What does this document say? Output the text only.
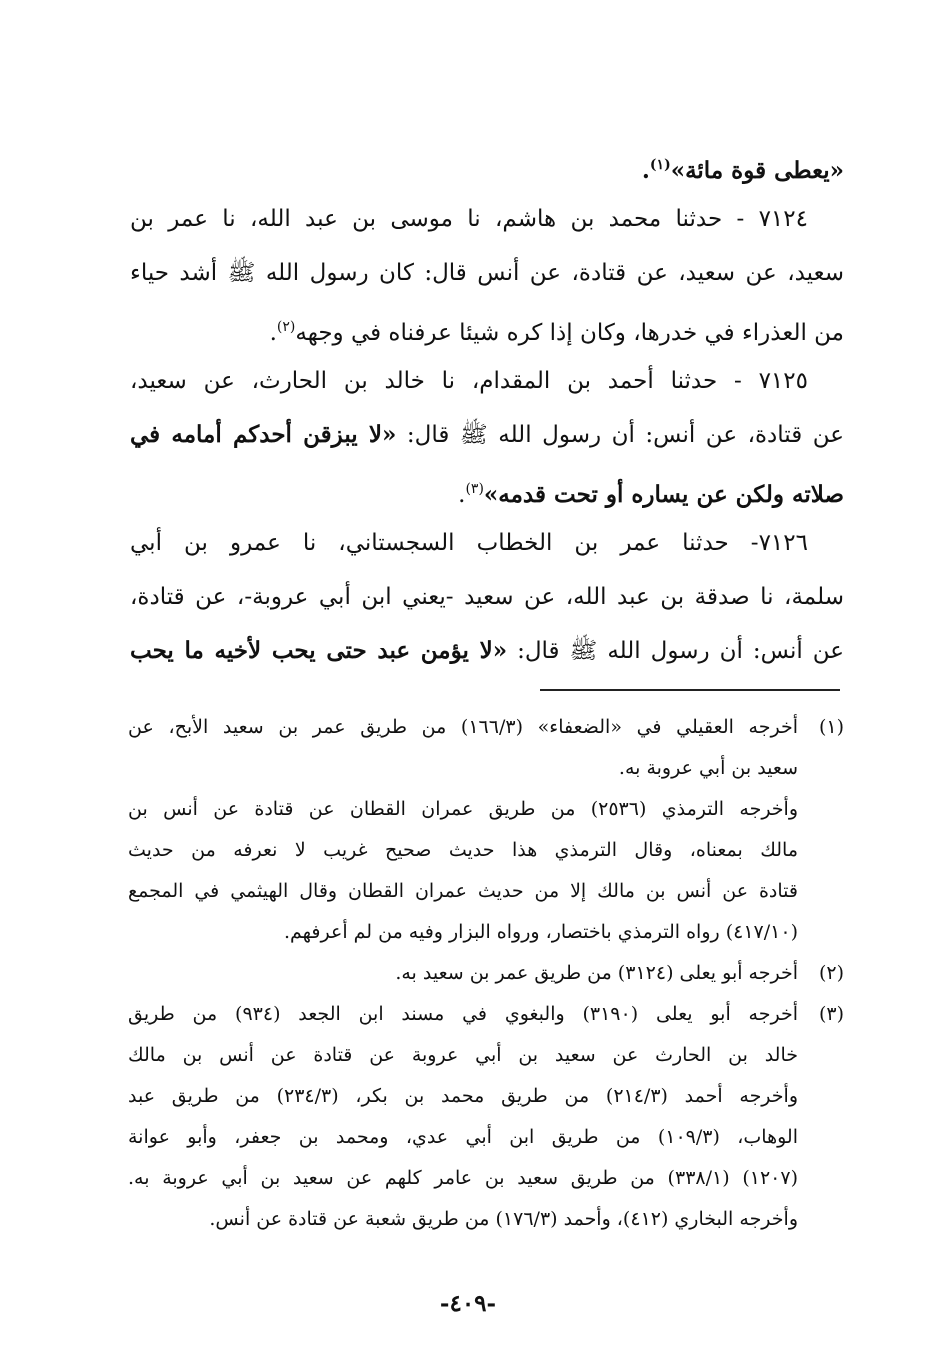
«يعطى قوة مائة»$^{(١)}$.
٧١٢٤ - حدثنا محمد بن هاشم، نا موسى بن عبد الله، نا عمر بن
سعيد، عن سعيد، عن قتادة، عن أنس قال: كان رسول الله ﷺ أشد حياء
من العذراء في خدرها، وكان إذا كره شيئا عرفناه في وجهه$^{(٢)}$.
٧١٢٥ - حدثنا أحمد بن المقدام، نا خالد بن الحارث، عن سعيد،
عن قتادة، عن أنس: أن رسول الله ﷺ قال: «لا يبزقن أحدكم أمامه في
صلاته ولكن عن يساره أو تحت قدمه»$^{(٣)}$.
٧١٢٦- حدثنا عمر بن الخطاب السجستاني، نا عمرو بن أبي
سلمة، نا صدقة بن عبد الله، عن سعيد -يعني ابن أبي عروبة-، عن قتادة،
عن أنس: أن رسول الله ﷺ قال: «لا يؤمن عبد حتى يحب لأخيه ما يحب
(١)
أخرجه العقيلي في «الضعفاء» (١٦٦/٣) من طريق عمر بن سعيد الأبح، عن
سعيد بن أبي عروبة به.
وأخرجه الترمذي (٢٥٣٦) من طريق عمران القطان عن قتادة عن أنس بن
مالك بمعناه، وقال الترمذي هذا حديث صحيح غريب لا نعرفه من حديث
قتادة عن أنس بن مالك إلا من حديث عمران القطان وقال الهيثمي في المجمع
(٤١٧/١٠) رواه الترمذي باختصار، ورواه البزار وفيه من لم أعرفهم.
(٢)
أخرجه أبو يعلى (٣١٢٤) من طريق عمر بن سعيد به.
(٣)
أخرجه أبو يعلى (٣١٩٠) والبغوي في مسند ابن الجعد (٩٣٤) من طريق
خالد بن الحارث عن سعيد بن أبي عروبة عن قتادة عن أنس بن مالك
وأخرجه أحمد (٢١٤/٣) من طريق محمد بن بكر، (٢٣٤/٣) من طريق عبد
الوهاب، (١٠٩/٣) من طريق ابن أبي عدي، ومحمد بن جعفر، وأبو عوانة
(١٢٠٧) (٣٣٨/١) من طريق سعيد بن عامر كلهم عن سعيد بن أبي عروبة به.
وأخرجه البخاري (٤١٢)، وأحمد (١٧٦/٣) من طريق شعبة عن قتادة عن أنس.
-٤٠٩-
